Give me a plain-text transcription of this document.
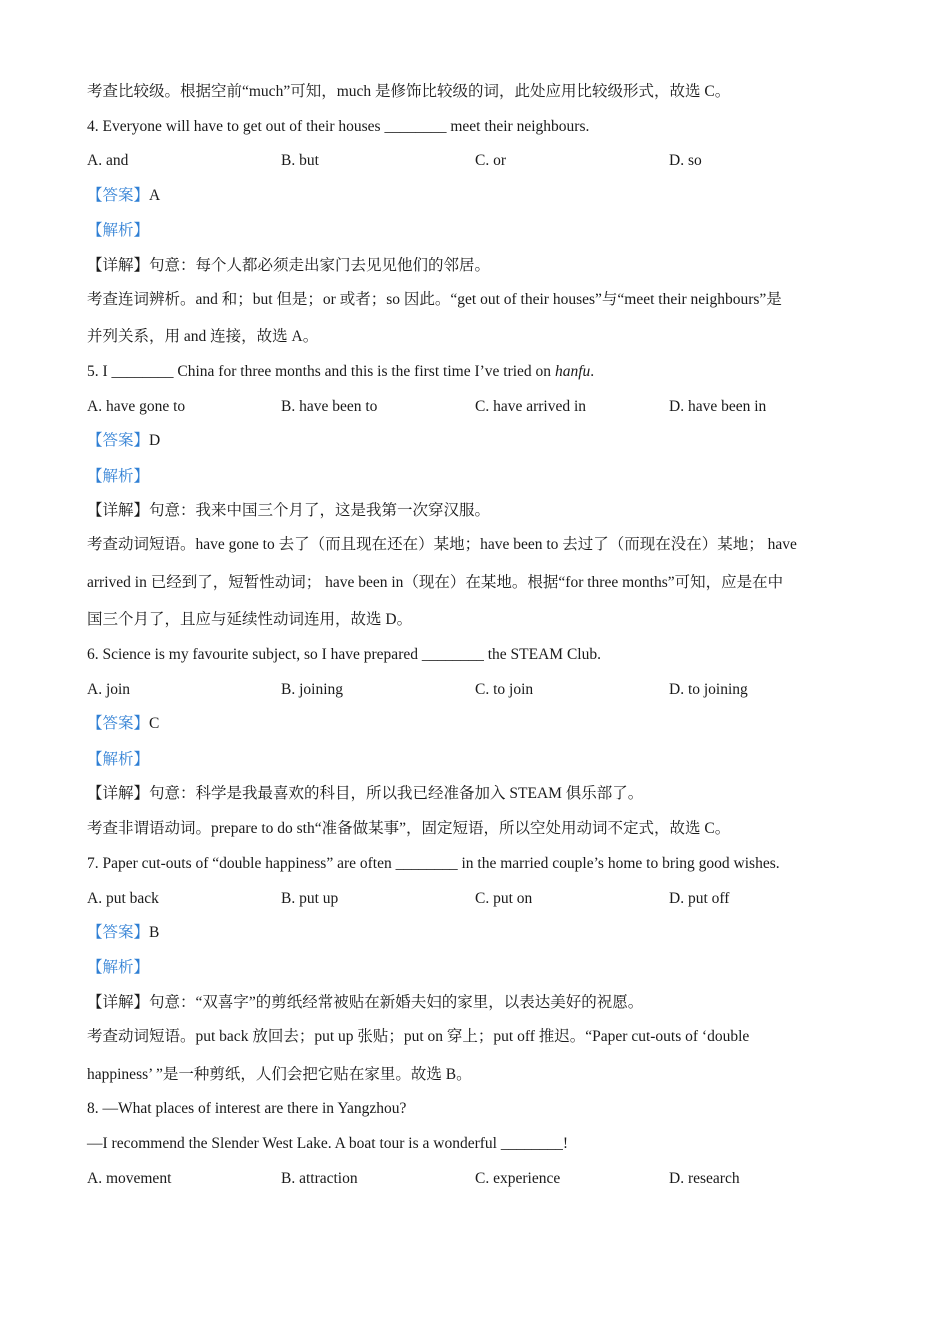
考查比较级。根据空前“much”可知，much 是修饰比较级的词，此处应用比较级形式，故选 C。
4. Everyone will have to get out of their houses ________ meet their neighbours.
A. and	B. but	C. or	D. so
【答案】A
【解析】
【详解】句意：每个人都必须走出家门去见见他们的邻居。
考查连词辨析。and 和；but 但是；or 或者；so 因此。“get out of their houses”与“meet their neighbours”是
并列关系，用 and 连接，故选 A。
5. I ________ China for three months and this is the first time I’ve tried on hanfu.
A. have gone to	B. have been to	C. have arrived in	D. have been in
【答案】D
【解析】
【详解】句意：我来中国三个月了，这是我第一次穿汉服。
考查动词短语。have gone to 去了（而且现在还在）某地；have been to 去过了（而现在没在）某地； have
arrived in 已经到了，短暂性动词； have been in（现在）在某地。根据“for three months”可知，应是在中
国三个月了，且应与延续性动词连用，故选 D。
6. Science is my favourite subject, so I have prepared ________ the STEAM Club.
A. join	B. joining	C. to join	D. to joining
【答案】C
【解析】
【详解】句意：科学是我最喜欢的科目，所以我已经准备加入 STEAM 俱乐部了。
考查非谓语动词。prepare to do sth“准备做某事”，固定短语，所以空处用动词不定式，故选 C。
7. Paper cut-outs of “double happiness” are often ________ in the married couple’s home to bring good wishes.
A. put back	B. put up	C. put on	D. put off
【答案】B
【解析】
【详解】句意：“双喜字”的剪纸经常被贴在新婚夫妇的家里，以表达美好的祝愿。
考查动词短语。put back 放回去；put up 张贴；put on 穿上；put off 推迟。“Paper cut-outs of ‘double
happiness’ ”是一种剪纸，人们会把它贴在家里。故选 B。
8. —What places of interest are there in Yangzhou?
—I recommend the Slender West Lake. A boat tour is a wonderful ________!
A. movement	B. attraction	C. experience	D. research
